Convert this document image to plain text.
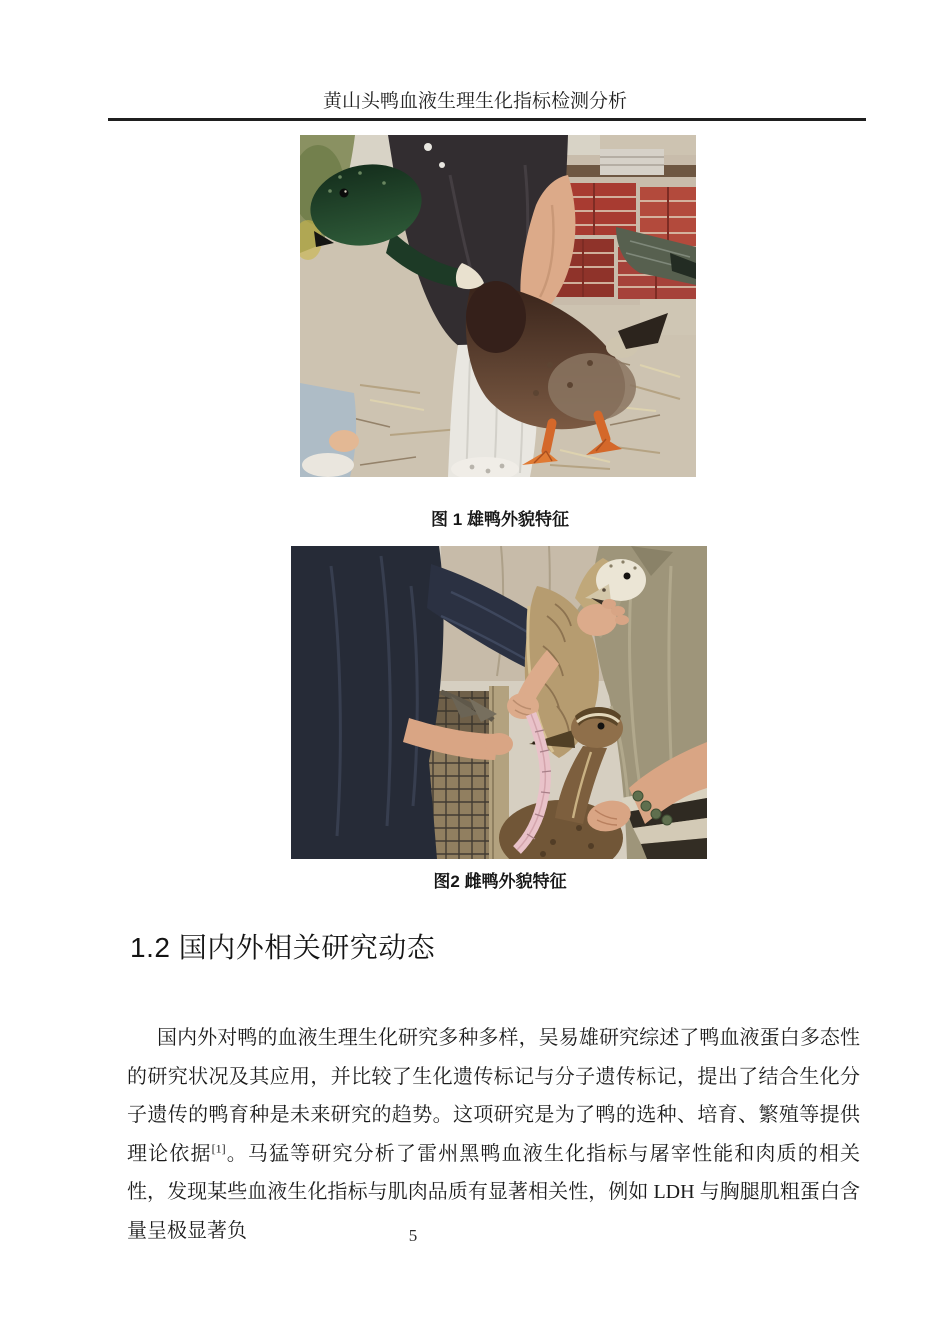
黄山头鸭血液生理生化指标检测分析
图 1 雄鸭外貌特征
图2 雌鸭外貌特征
1.2 国内外相关研究动态

国内外对鸭的血液生理生化研究多种多样，吴易雄研究综述了鸭血液蛋白多态性的研究状况及其应用，并比较了生化遗传标记与分子遗传标记，提出了结合生化分子遗传的鸭育种是未来研究的趋势。这项研究是为了鸭的选种、培育、繁殖等提供理论依据[1]。马猛等研究分析了雷州黑鸭血液生化指标与屠宰性能和肉质的相关性，发现某些血液生化指标与肌肉品质有显著相关性，例如 LDH 与胸腿肌粗蛋白含量呈极显著负	5
